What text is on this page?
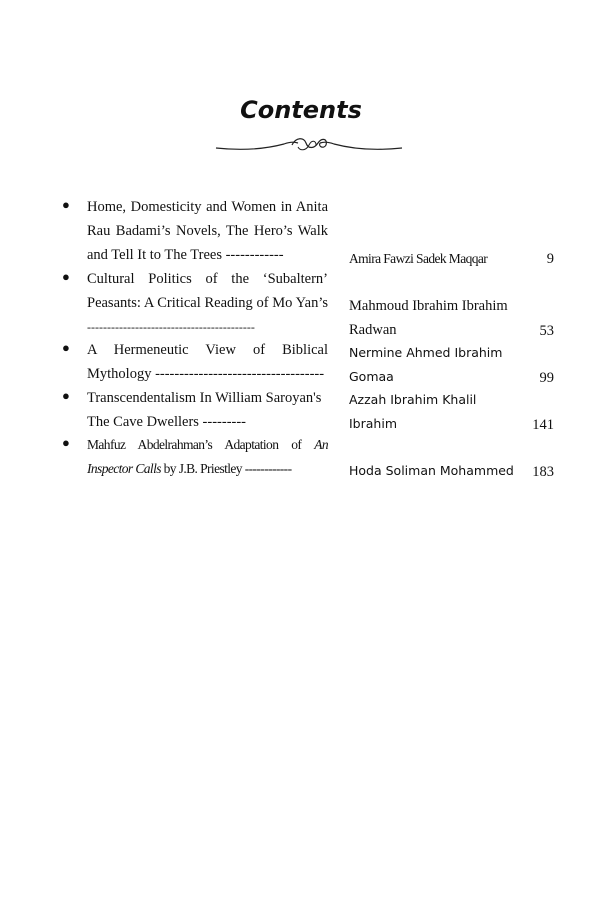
Contents
● Home, Domesticity and Women in Anita
Rau Badami’s Novels, The Hero’s Walk
and Tell It to The Trees ------------	Amira Fawzi Sadek Maqqar	9
● Cultural Politics of the ‘Subaltern’
Peasants: A Critical Reading of Mo Yan’s
------------------------------------------
Mahmoud Ibrahim Ibrahim
Radwan	53
● A Hermeneutic View of Biblical
Mythology -----------------------------------
Nermine Ahmed Ibrahim
Gomaa	99
● Transcendentalism In William Saroyan's
The Cave Dwellers ---------
Azzah Ibrahim Khalil
Ibrahim	141
● Mahfuz Abdelrahman’s Adaptation of An
Inspector Calls by J.B. Priestley ------------	Hoda Soliman Mohammed	183
